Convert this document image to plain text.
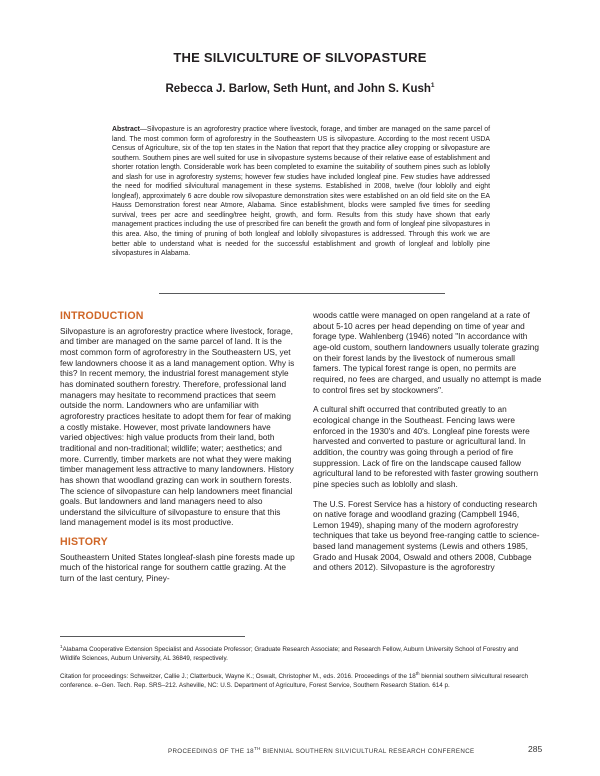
THE SILVICULTURE OF SILVOPASTURE

Rebecca J. Barlow, Seth Hunt, and John S. Kush$^1$

Abstract—Silvopasture is an agroforestry practice where livestock, forage, and timber are managed on the same parcel of land. The most common form of agroforestry in the Southeastern US is silvopasture. According to the most recent USDA Census of Agriculture, six of the top ten states in the Nation that report that they practice alley cropping or silvopasture are southern. Southern pines are well suited for use in silvopasture systems because of their relative ease of establishment and shorter rotation length. Considerable work has been completed to examine the suitability of southern pines such as loblolly and slash for use in agroforestry systems; however few studies have included longleaf pine. Few studies have addressed the need for modified silvicultural management in these systems. Established in 2008, twelve (four loblolly and eight longleaf), approximately 6 acre double row silvopasture demonstration sites were established on an old field site on the EA Hauss Demonstration forest near Atmore, Alabama. Since establishment, blocks were sampled five times for seedling survival, trees per acre and seedling/tree height, growth, and form. Results from this study have shown that early management practices including the use of prescribed fire can benefit the growth and form of longleaf pine silvopastures in this area. Also, the timing of pruning of both longleaf and loblolly silvopastures is addressed. Through this work we are better able to understand what is needed for the successful establishment and growth of longleaf and loblolly pine silvopastures in Alabama.

INTRODUCTION

Silvopasture is an agroforestry practice where livestock, forage, and timber are managed on the same parcel of land. It is the most common form of agroforestry in the Southeastern US, yet few landowners choose it as a land management option. Why is this? In recent memory, the industrial forest management style has dominated southern forestry. Therefore, professional land managers may hesitate to recommend practices that seem outside the norm. Landowners who are unfamiliar with agroforestry practices hesitate to adopt them for fear of making a costly mistake. However, most private landowners have varied objectives: high value products from their land, both traditional and non-traditional; wildlife; water; aesthetics; and more. Currently, timber markets are not what they were making timber management less attractive to many landowners. History has shown that woodland grazing can work in southern forests. The science of silvopasture can help landowners meet financial goals. But landowners and land managers need to also understand the silviculture of silvopasture to ensure that this land management model is its most productive.

HISTORY

Southeastern United States longleaf-slash pine forests made up much of the historical range for southern cattle grazing. At the turn of the last century, Piney-

woods cattle were managed on open rangeland at a rate of about 5-10 acres per head depending on time of year and forage type. Wahlenberg (1946) noted "In accordance with age-old custom, southern landowners usually tolerate grazing on their forest lands by the livestock of numerous small famers. The typical forest range is open, no permits are required, no fees are charged, and usually no attempt is made to control fires set by stockowners".

A cultural shift occurred that contributed greatly to an ecological change in the Southeast. Fencing laws were enforced in the 1930's and 40's. Longleaf pine forests were harvested and converted to pasture or agricultural land. In addition, the country was going through a period of fire suppression. Lack of fire on the landscape caused fallow agricultural land to be reforested with faster growing southern pine species such as loblolly and slash.

The U.S. Forest Service has a history of conducting research on native forage and woodland grazing (Campbell 1946, Lemon 1949), shaping many of the modern agroforestry techniques that take us beyond free-ranging cattle to science-based land management systems (Lewis and others 1985, Grado and Husak 2004, Oswald and others 2008, Cubbage and others 2012). Silvopasture is the agroforestry

$^1$Alabama Cooperative Extension Specialist and Associate Professor; Graduate Research Associate; and Research Fellow, Auburn University School of Forestry and Wildlife Sciences, Auburn University, AL 36849, respectively.

Citation for proceedings: Schweitzer, Callie J.; Clatterbuck, Wayne K.; Oswalt, Christopher M., eds. 2016. Proceedings of the 18th biennial southern silvicultural research conference. e–Gen. Tech. Rep. SRS–212. Asheville, NC: U.S. Department of Agriculture, Forest Service, Southern Research Station. 614 p.

PROCEEDINGS OF THE 18TH BIENNIAL SOUTHERN SILVICULTURAL RESEARCH CONFERENCE	285
